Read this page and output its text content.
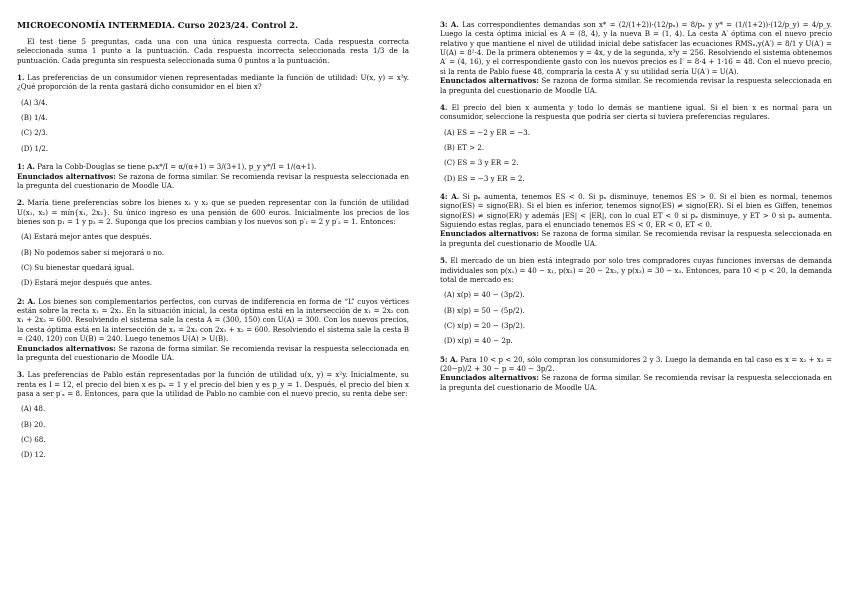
MICROECONOMÍA INTERMEDIA. Curso 2023/24. Control 2.

El test tiene 5 preguntas, cada una con una única respuesta correcta. Cada respuesta correcta seleccionada suma 1 punto a la puntuación. Cada respuesta incorrecta seleccionada resta 1/3 de la puntuación. Cada pregunta sin respuesta seleccionada suma 0 puntos a la puntuación.

1. Las preferencias de un consumidor vienen representadas mediante la función de utilidad: U(x, y) = x³y. ¿Qué proporción de la renta gastará dicho consumidor en el bien x?

(A) 3/4.
(B) 1/4.
(C) 2/3.
(D) 1/2.

1: A. Para la Cobb-Douglas se tiene pₓx*/I = α/(α+1) = 3/(3+1), p_y y*/I = 1/(α+1).

Enunciados alternativos: Se razona de forma similar. Se recomienda revisar la respuesta seleccionada en la pregunta del cuestionario de Moodle UA.

2. María tiene preferencias sobre los bienes x₁ y x₂ que se pueden representar con la función de utilidad U(x₁, x₂) = mín{x₁, 2x₂}. Su único ingreso es una pensión de 600 euros. Inicialmente los precios de los bienes son p₁ = 1 y p₂ = 2. Suponga que los precios cambian y los nuevos son p′₁ = 2 y p′₂ = 1. Entonces:

(A) Estará mejor antes que después.
(B) No podemos saber si mejorará o no.
(C) Su bienestar quedará igual.
(D) Estará mejor después que antes.

2: A. Los bienes son complementarios perfectos, con curvas de indiferencia en forma de “L” cuyos vértices están sobre la recta x₁ = 2x₂. En la situación inicial, la cesta óptima está en la intersección de x₁ = 2x₂ con x₁ + 2x₂ = 600. Resolviendo el sistema sale la cesta A = (300, 150) con U(A) = 300. Con los nuevos precios, la cesta óptima está en la intersección de x₁ = 2x₂ con 2x₁ + x₂ = 600. Resolviendo el sistema sale la cesta B = (240, 120) con U(B) = 240. Luego tenemos U(A) > U(B).

Enunciados alternativos: Se razona de forma similar. Se recomienda revisar la respuesta seleccionada en la pregunta del cuestionario de Moodle UA.

3. Las preferencias de Pablo están representadas por la función de utilidad u(x, y) = x²y. Inicialmente, su renta es I = 12, el precio del bien x es pₓ = 1 y el precio del bien y es p_y = 1. Después, el precio del bien x pasa a ser p′ₓ = 8. Entonces, para que la utilidad de Pablo no cambie con el nuevo precio, su renta debe ser:

(A) 48.
(B) 20.
(C) 68.
(D) 12.

3: A. Las correspondientes demandas son x* = (2/(1+2))·(12/pₓ) = 8/pₓ y y* = (1/(1+2))·(12/p_y) = 4/p_y. Luego la cesta óptima inicial es A = (8, 4), y la nueva B = (1, 4). La cesta A′ óptima con el nuevo precio relativo y que mantiene el nivel de utilidad inicial debe satisfacer las ecuaciones RMSₓ,y(A′) = 8/1 y U(A′) = U(A) = 8²·4. De la primera obtenemos y = 4x, y de la segunda, x³y = 256. Resolviendo el sistema obtenemos A′ = (4, 16), y el correspondiente gasto con los nuevos precios es I′ = 8·4 + 1·16 = 48. Con el nuevo precio, si la renta de Pablo fuese 48, compraría la cesta A′ y su utilidad sería U(A′) = U(A).

Enunciados alternativos: Se razona de forma similar. Se recomienda revisar la respuesta seleccionada en la pregunta del cuestionario de Moodle UA.

4. El precio del bien x aumenta y todo lo demás se mantiene igual. Si el bien x es normal para un consumidor, seleccione la respuesta que podría ser cierta si tuviera preferencias regulares.

(A) ES = −2 y ER = −3.
(B) ET > 2.
(C) ES = 3 y ER = 2.
(D) ES = −3 y ER = 2.

4: A. Si pₓ aumenta, tenemos ES < 0. Si pₓ disminuye, tenemos ES > 0. Si el bien es normal, tenemos signo(ES) = signo(ER). Si el bien es inferior, tenemos signo(ES) ≠ signo(ER). Si el bien es Giffen, tenemos signo(ES) ≠ signo(ER) y además |ES| < |ER|, con lo cual ET < 0 si pₓ disminuye, y ET > 0 si pₓ aumenta. Siguiendo estas reglas, para el enunciado tenemos ES < 0, ER < 0, ET < 0.

Enunciados alternativos: Se razona de forma similar. Se recomienda revisar la respuesta seleccionada en la pregunta del cuestionario de Moodle UA.

5. El mercado de un bien está integrado por solo tres compradores cuyas funciones inversas de demanda individuales son p(x₁) = 40 − x₁, p(x₂) = 20 − 2x₂, y p(x₃) = 30 − x₃. Entonces, para 10 < p < 20, la demanda total de mercado es:

(A) x(p) = 40 − (3p/2).
(B) x(p) = 50 − (5p/2).
(C) x(p) = 20 − (3p/2).
(D) x(p) = 40 − 2p.

5: A. Para 10 < p < 20, sólo compran los consumidores 2 y 3. Luego la demanda en tal caso es x = x₂ + x₃ = (20−p)/2 + 30 − p = 40 − 3p/2.

Enunciados alternativos: Se razona de forma similar. Se recomienda revisar la respuesta seleccionada en la pregunta del cuestionario de Moodle UA.
